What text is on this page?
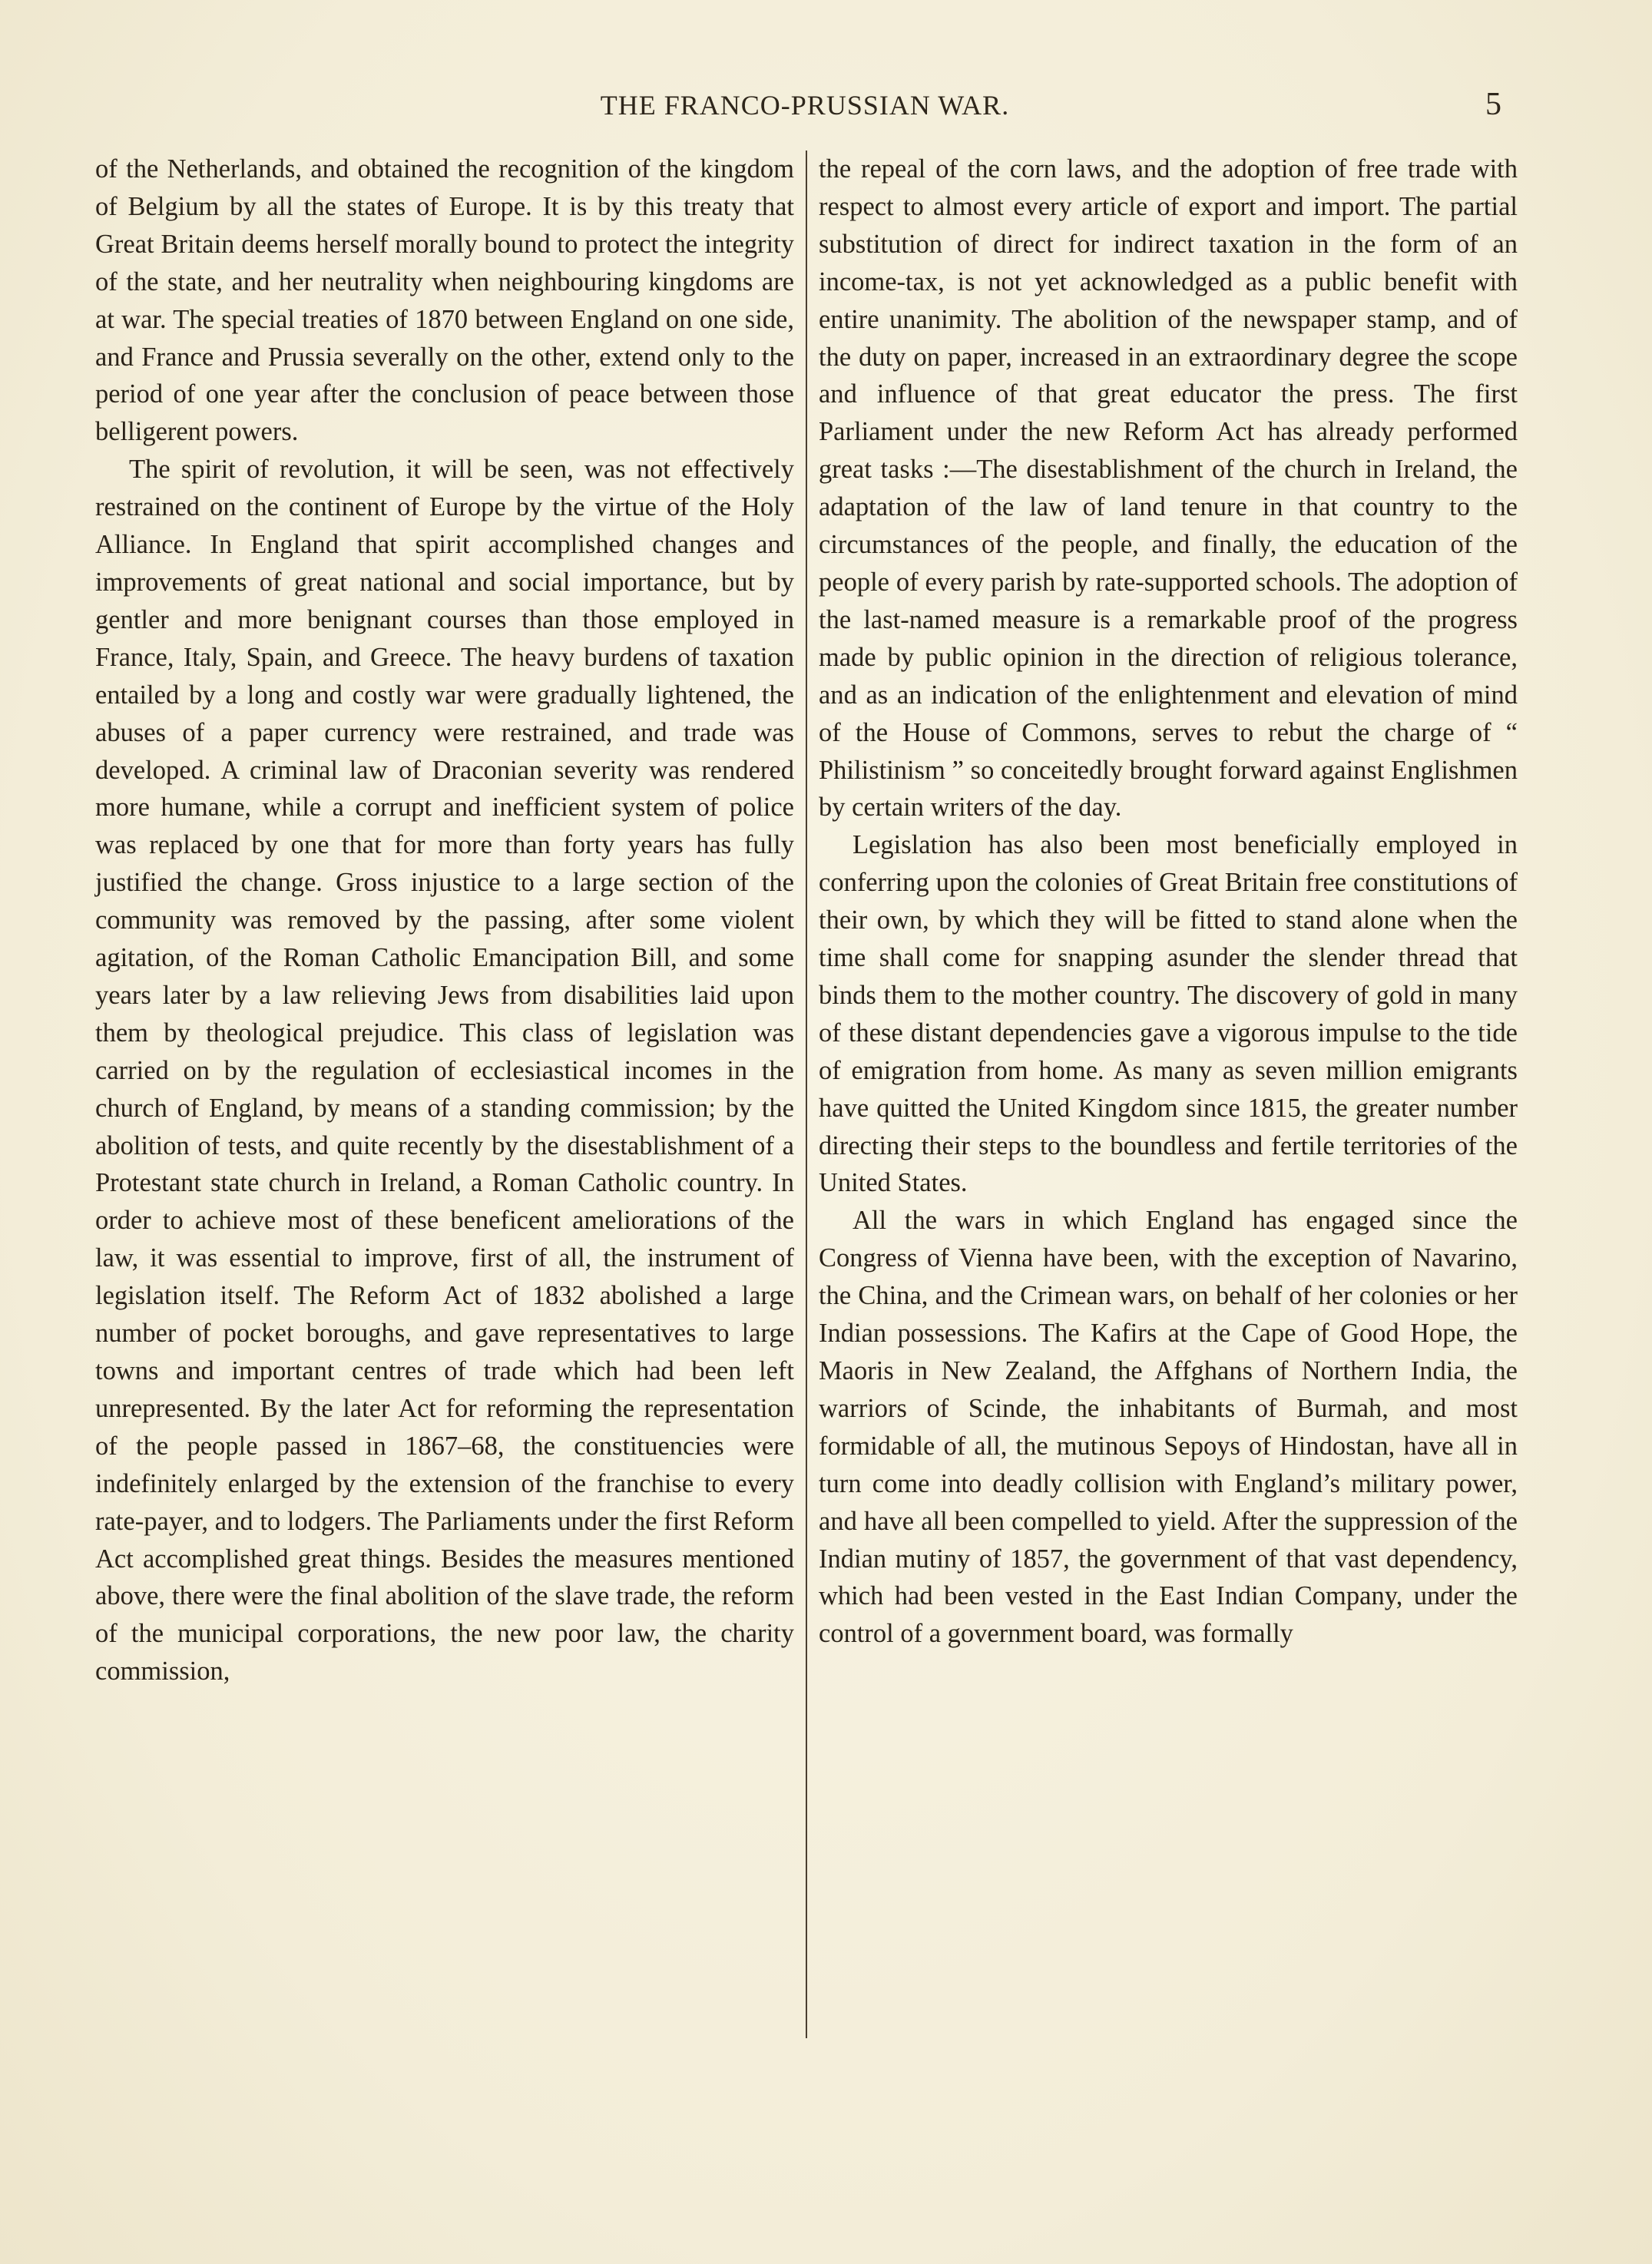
THE FRANCO-PRUSSIAN WAR.	5

of the Netherlands, and obtained the recognition of the kingdom of Belgium by all the states of Europe. It is by this treaty that Great Britain deems herself morally bound to protect the integrity of the state, and her neutrality when neighbouring kingdoms are at war. The special treaties of 1870 between England on one side, and France and Prussia severally on the other, extend only to the period of one year after the conclusion of peace between those belligerent powers.

The spirit of revolution, it will be seen, was not effectively restrained on the continent of Europe by the virtue of the Holy Alliance. In England that spirit accomplished changes and improvements of great national and social importance, but by gentler and more benignant courses than those employed in France, Italy, Spain, and Greece. The heavy burdens of taxation entailed by a long and costly war were gradually lightened, the abuses of a paper currency were restrained, and trade was developed. A criminal law of Draconian severity was rendered more humane, while a corrupt and inefficient system of police was replaced by one that for more than forty years has fully justified the change. Gross injustice to a large section of the community was removed by the passing, after some violent agitation, of the Roman Catholic Emancipation Bill, and some years later by a law relieving Jews from disabilities laid upon them by theological prejudice. This class of legislation was carried on by the regulation of ecclesiastical incomes in the church of England, by means of a standing commission; by the abolition of tests, and quite recently by the disestablishment of a Protestant state church in Ireland, a Roman Catholic country. In order to achieve most of these beneficent ameliorations of the law, it was essential to improve, first of all, the instrument of legislation itself. The Reform Act of 1832 abolished a large number of pocket boroughs, and gave representatives to large towns and important centres of trade which had been left unrepresented. By the later Act for reforming the representation of the people passed in 1867–68, the constituencies were indefinitely enlarged by the extension of the franchise to every rate-payer, and to lodgers. The Parliaments under the first Reform Act accomplished great things. Besides the measures mentioned above, there were the final abolition of the slave trade, the reform of the municipal corporations, the new poor law, the charity commission,

the repeal of the corn laws, and the adoption of free trade with respect to almost every article of export and import. The partial substitution of direct for indirect taxation in the form of an income-tax, is not yet acknowledged as a public benefit with entire unanimity. The abolition of the newspaper stamp, and of the duty on paper, increased in an extraordinary degree the scope and influence of that great educator the press. The first Parliament under the new Reform Act has already performed great tasks :—The disestablishment of the church in Ireland, the adaptation of the law of land tenure in that country to the circumstances of the people, and finally, the education of the people of every parish by rate-supported schools. The adoption of the last-named measure is a remarkable proof of the progress made by public opinion in the direction of religious tolerance, and as an indication of the enlightenment and elevation of mind of the House of Commons, serves to rebut the charge of “ Philistinism ” so conceitedly brought forward against Englishmen by certain writers of the day.

Legislation has also been most beneficially employed in conferring upon the colonies of Great Britain free constitutions of their own, by which they will be fitted to stand alone when the time shall come for snapping asunder the slender thread that binds them to the mother country. The discovery of gold in many of these distant dependencies gave a vigorous impulse to the tide of emigration from home. As many as seven million emigrants have quitted the United Kingdom since 1815, the greater number directing their steps to the boundless and fertile territories of the United States.

All the wars in which England has engaged since the Congress of Vienna have been, with the exception of Navarino, the China, and the Crimean wars, on behalf of her colonies or her Indian possessions. The Kafirs at the Cape of Good Hope, the Maoris in New Zealand, the Affghans of Northern India, the warriors of Scinde, the inhabitants of Burmah, and most formidable of all, the mutinous Sepoys of Hindostan, have all in turn come into deadly collision with England’s military power, and have all been compelled to yield. After the suppression of the Indian mutiny of 1857, the government of that vast dependency, which had been vested in the East Indian Company, under the control of a government board, was formally
